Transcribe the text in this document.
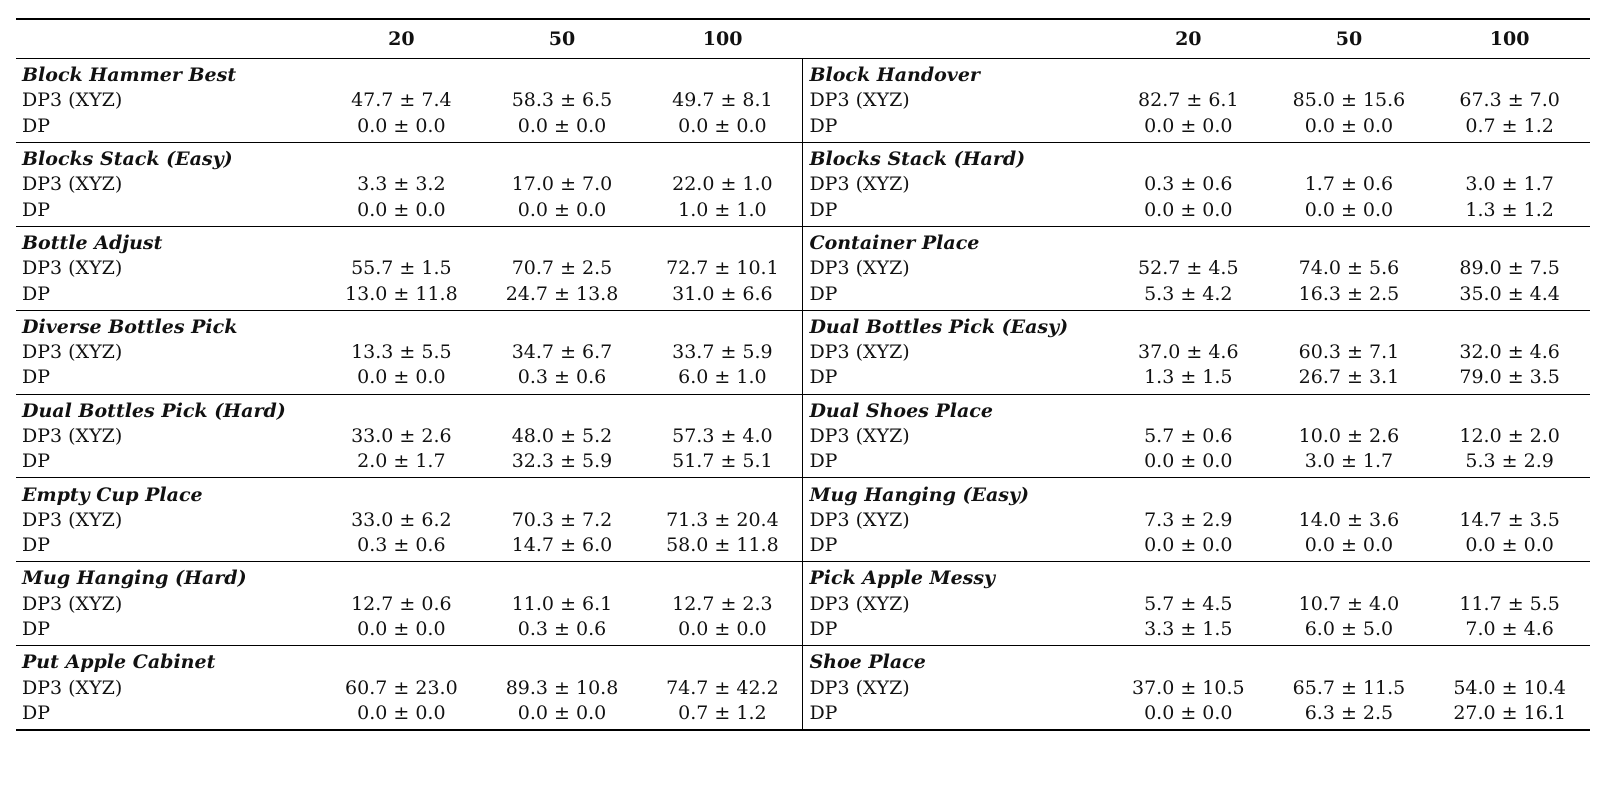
	20	50	100		20	50	100
Block Hammer Best				Block Handover			
DP3 (XYZ)	47.7 ± 7.4	58.3 ± 6.5	49.7 ± 8.1	DP3 (XYZ)	82.7 ± 6.1	85.0 ± 15.6	67.3 ± 7.0
DP	0.0 ± 0.0	0.0 ± 0.0	0.0 ± 0.0	DP	0.0 ± 0.0	0.0 ± 0.0	0.7 ± 1.2
Blocks Stack (Easy)				Blocks Stack (Hard)			
DP3 (XYZ)	3.3 ± 3.2	17.0 ± 7.0	22.0 ± 1.0	DP3 (XYZ)	0.3 ± 0.6	1.7 ± 0.6	3.0 ± 1.7
DP	0.0 ± 0.0	0.0 ± 0.0	1.0 ± 1.0	DP	0.0 ± 0.0	0.0 ± 0.0	1.3 ± 1.2
Bottle Adjust				Container Place			
DP3 (XYZ)	55.7 ± 1.5	70.7 ± 2.5	72.7 ± 10.1	DP3 (XYZ)	52.7 ± 4.5	74.0 ± 5.6	89.0 ± 7.5
DP	13.0 ± 11.8	24.7 ± 13.8	31.0 ± 6.6	DP	5.3 ± 4.2	16.3 ± 2.5	35.0 ± 4.4
Diverse Bottles Pick				Dual Bottles Pick (Easy)			
DP3 (XYZ)	13.3 ± 5.5	34.7 ± 6.7	33.7 ± 5.9	DP3 (XYZ)	37.0 ± 4.6	60.3 ± 7.1	32.0 ± 4.6
DP	0.0 ± 0.0	0.3 ± 0.6	6.0 ± 1.0	DP	1.3 ± 1.5	26.7 ± 3.1	79.0 ± 3.5
Dual Bottles Pick (Hard)				Dual Shoes Place			
DP3 (XYZ)	33.0 ± 2.6	48.0 ± 5.2	57.3 ± 4.0	DP3 (XYZ)	5.7 ± 0.6	10.0 ± 2.6	12.0 ± 2.0
DP	2.0 ± 1.7	32.3 ± 5.9	51.7 ± 5.1	DP	0.0 ± 0.0	3.0 ± 1.7	5.3 ± 2.9
Empty Cup Place				Mug Hanging (Easy)			
DP3 (XYZ)	33.0 ± 6.2	70.3 ± 7.2	71.3 ± 20.4	DP3 (XYZ)	7.3 ± 2.9	14.0 ± 3.6	14.7 ± 3.5
DP	0.3 ± 0.6	14.7 ± 6.0	58.0 ± 11.8	DP	0.0 ± 0.0	0.0 ± 0.0	0.0 ± 0.0
Mug Hanging (Hard)				Pick Apple Messy			
DP3 (XYZ)	12.7 ± 0.6	11.0 ± 6.1	12.7 ± 2.3	DP3 (XYZ)	5.7 ± 4.5	10.7 ± 4.0	11.7 ± 5.5
DP	0.0 ± 0.0	0.3 ± 0.6	0.0 ± 0.0	DP	3.3 ± 1.5	6.0 ± 5.0	7.0 ± 4.6
Put Apple Cabinet				Shoe Place			
DP3 (XYZ)	60.7 ± 23.0	89.3 ± 10.8	74.7 ± 42.2	DP3 (XYZ)	37.0 ± 10.5	65.7 ± 11.5	54.0 ± 10.4
DP	0.0 ± 0.0	0.0 ± 0.0	0.7 ± 1.2	DP	0.0 ± 0.0	6.3 ± 2.5	27.0 ± 16.1
